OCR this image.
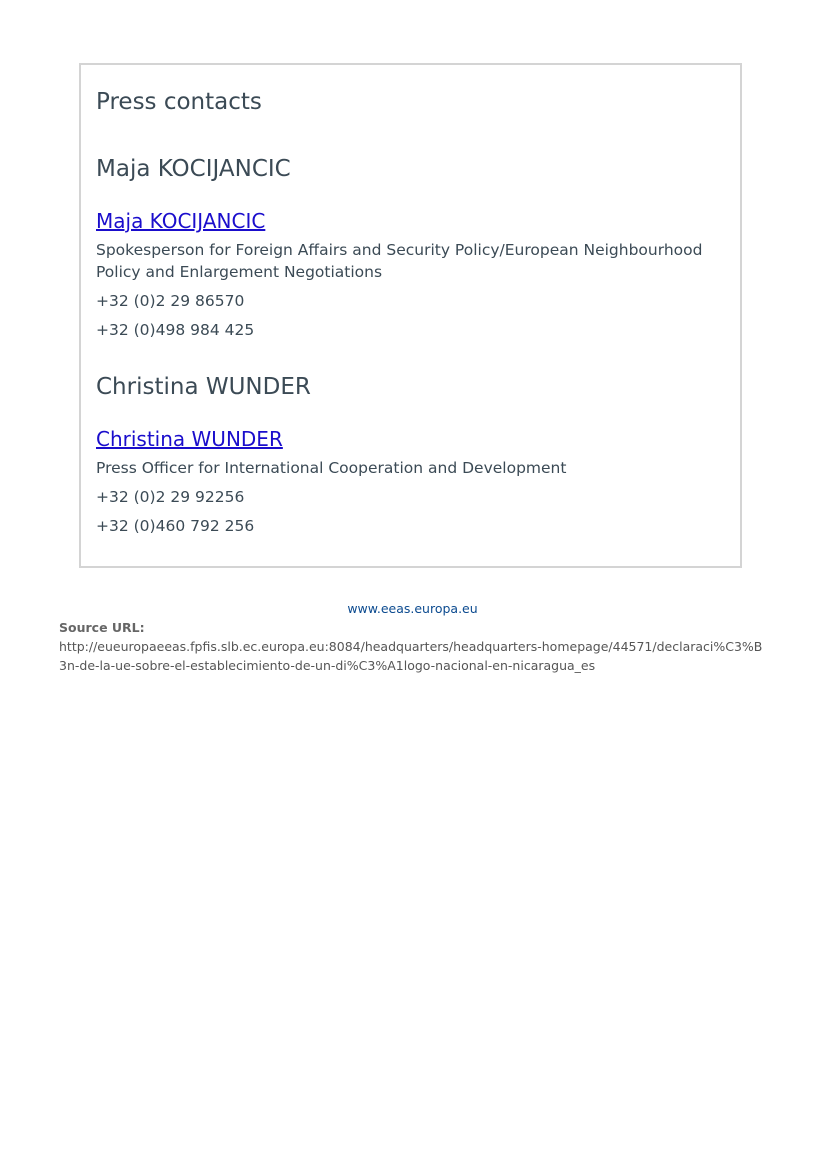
Press contacts
Maja KOCIJANCIC
Maja KOCIJANCIC
Spokesperson for Foreign Affairs and Security Policy/European Neighbourhood Policy and Enlargement Negotiations
+32 (0)2 29 86570
+32 (0)498 984 425
Christina WUNDER
Christina WUNDER
Press Officer for International Cooperation and Development
+32 (0)2 29 92256
+32 (0)460 792 256
www.eeas.europa.eu
Source URL:
http://eueuropaeeas.fpfis.slb.ec.europa.eu:8084/headquarters/headquarters-homepage/44571/declaraci%C3%B3n-de-la-ue-sobre-el-establecimiento-de-un-di%C3%A1logo-nacional-en-nicaragua_es
